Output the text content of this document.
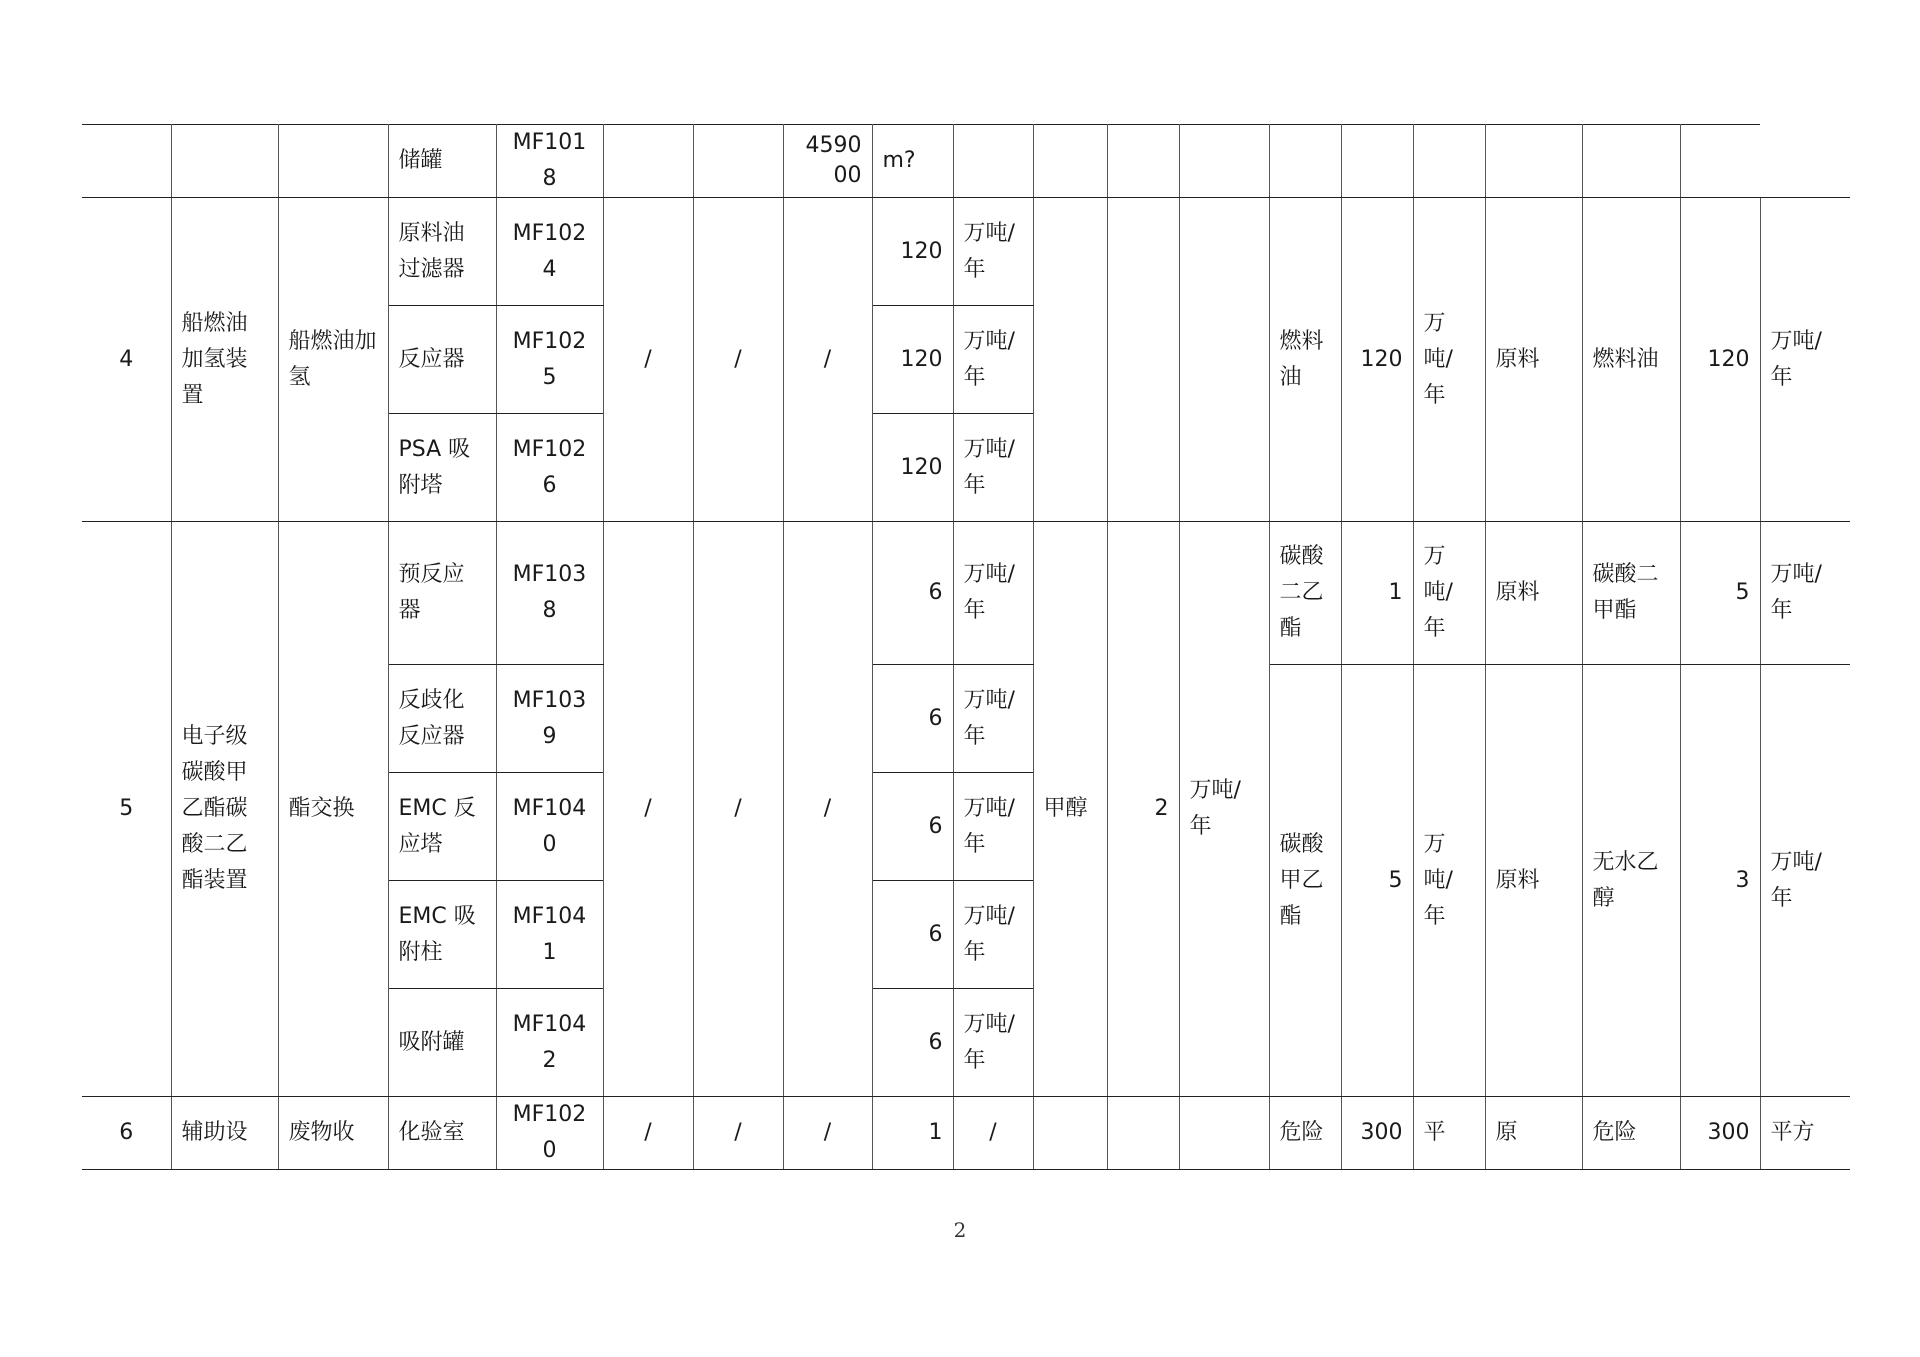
			储罐	MF1018			459000	m?											
4	船燃油加氢装置	船燃油加氢	原料油过滤器	MF1024	/	/	/	120	万吨/年				燃料油	120	万吨/年	原料	燃料油	120	万吨/年
			反应器	MF1025				120	万吨/年										
			PSA 吸附塔	MF1026				120	万吨/年										
5	电子级碳酸甲乙酯碳酸二乙酯装置	酯交换	预反应器	MF1038	/	/	/	6	万吨/年	甲醇	2	万吨/年	碳酸二乙酯	1	万吨/年	原料	碳酸二甲酯	5	万吨/年
			反歧化反应器	MF1039				6	万吨/年				碳酸甲乙酯	5	万吨/年	原料	无水乙醇	3	万吨/年
			EMC 反应塔	MF1040				6	万吨/年										
			EMC 吸附柱	MF1041				6	万吨/年										
			吸附罐	MF1042				6	万吨/年										
6	辅助设	废物收	化验室	MF1020	/	/	/	1	/				危险	300	平	原	危险	300	平方
2
